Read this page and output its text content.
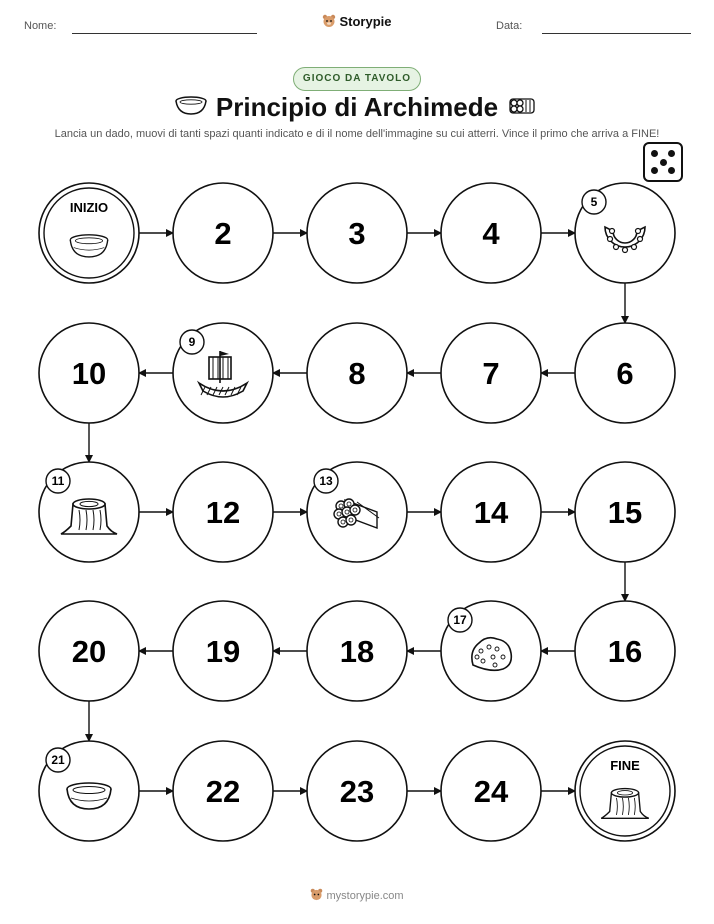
Nome:	Data:
Storypie
GIOCO DA TAVOLO
Principio di Archimede
Lancia un dado, muovi di tanti spazi quanti indicato e di il nome dell'immagine su cui atterri. Vince il primo che arriva a FINE!
INIZIO
2	3	4
5
6
7
8
9
10
11
12
13
14	15
16
17
18
19
20
21
22	23	24
FINE
mystorypie.com
